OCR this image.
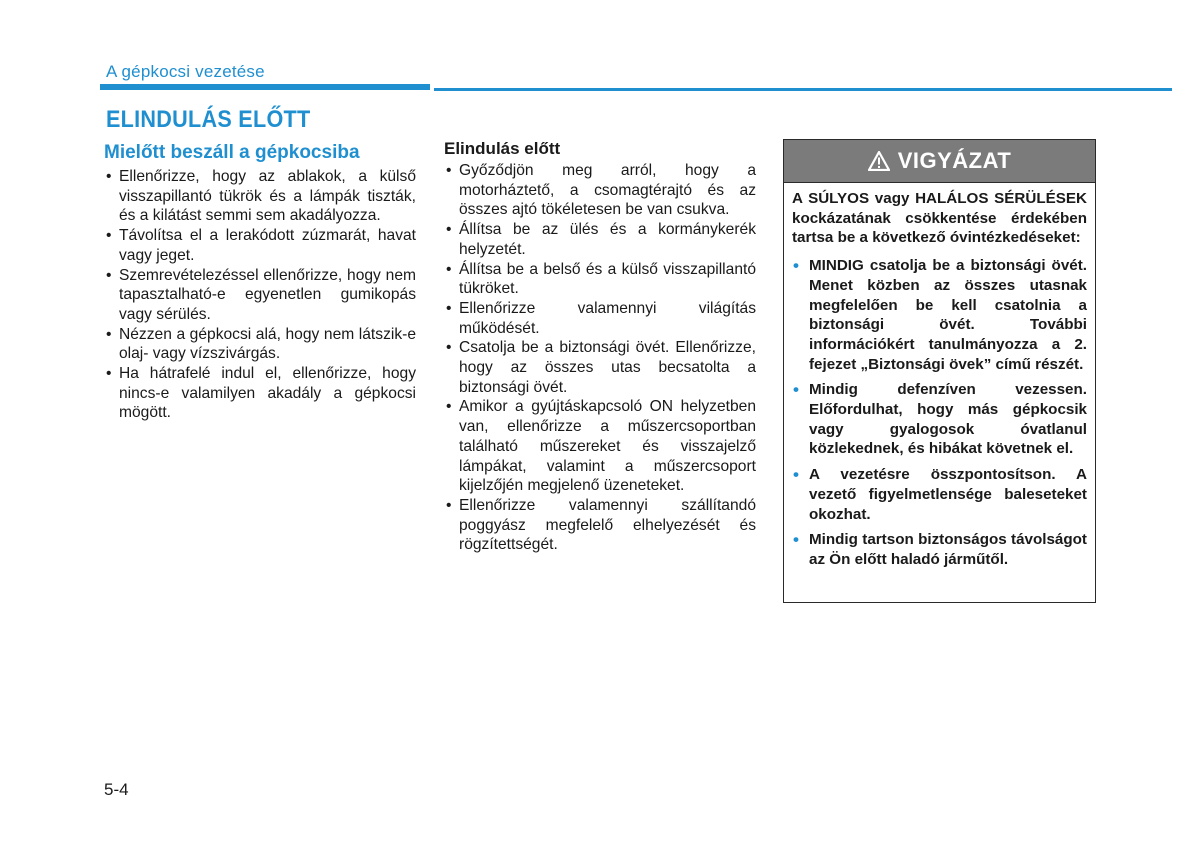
A gépkocsi vezetése
ELINDULÁS ELŐTT
Mielőtt beszáll a gépkocsiba
• Ellenőrizze, hogy az ablakok, a külső visszapillantó tükrök és a lámpák tiszták, és a kilátást semmi sem akadályozza.
• Távolítsa el a lerakódott zúzmarát, havat vagy jeget.
• Szemrevételezéssel ellenőrizze, hogy nem tapasztalható-e egyenetlen gumikopás vagy sérülés.
• Nézzen a gépkocsi alá, hogy nem látszik-e olaj- vagy vízszivárgás.
• Ha hátrafelé indul el, ellenőrizze, hogy nincs-e valamilyen akadály a gépkocsi mögött.
Elindulás előtt
• Győződjön meg arról, hogy a motorháztető, a csomagtérajtó és az összes ajtó tökéletesen be van csukva.
• Állítsa be az ülés és a kormánykerék helyzetét.
• Állítsa be a belső és a külső visszapillantó tükröket.
• Ellenőrizze valamennyi világítás működését.
• Csatolja be a biztonsági övét. Ellenőrizze, hogy az összes utas becsatolta a biztonsági övét.
• Amikor a gyújtáskapcsoló ON helyzetben van, ellenőrizze a műszercsoportban található műszereket és visszajelző lámpákat, valamint a műszercsoport kijelzőjén megjelenő üzeneteket.
• Ellenőrizze valamennyi szállítandó poggyász megfelelő elhelyezését és rögzítettségét.
VIGYÁZAT

A SÚLYOS vagy HALÁLOS SÉRÜLÉSEK kockázatának csökkentése érdekében tartsa be a következő óvintézkedéseket:

• MINDIG csatolja be a biztonsági övét. Menet közben az összes utasnak megfelelően be kell csatolnia a biztonsági övét. További információkért tanulmányozza a 2. fejezet „Biztonsági övek” című részét.
• Mindig defenzíven vezessen. Előfordulhat, hogy más gépkocsik vagy gyalogosok óvatlanul közlekednek, és hibákat követnek el.
• A vezetésre összpontosítson. A vezető figyelmetlensége baleseteket okozhat.
• Mindig tartson biztonságos távolságot az Ön előtt haladó járműtől.
5-4
